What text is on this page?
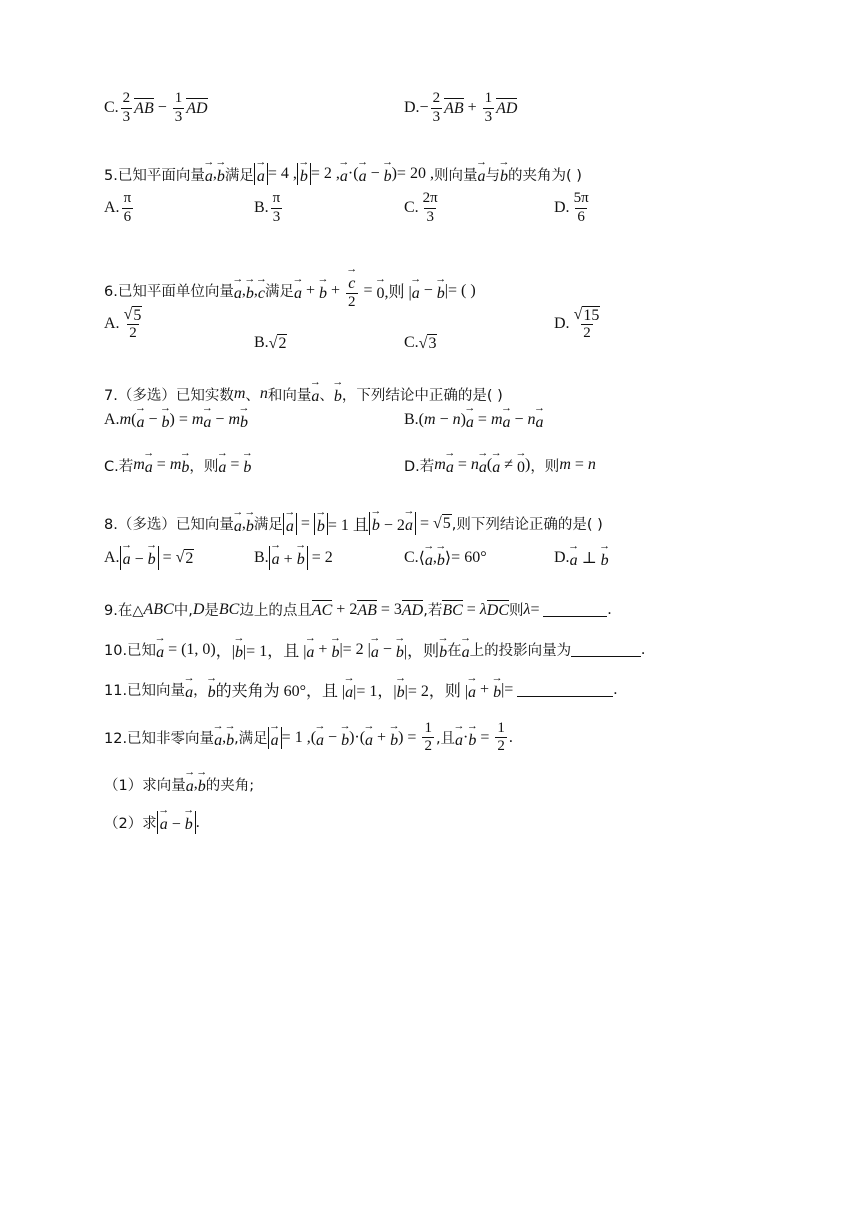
C. $\frac{2}{3}$ AB − $\frac{1}{3}$ AD	$D.- \frac{2}{3}$ AB + $\frac{1}{3}$ AD
5.已知平面向量 → a , → b 满足 → a = 4 , → b = 2 , → a · ( → a − → b ) = 20 , 则向量 → a 与 → b 的夹角为( )
A. $\frac{\pi}{6}$	B. $\frac{\pi}{3}$	C. $\frac{2\pi}{3}$	D. $\frac{5\pi}{6}$
6.已知平面单位向量 → a , → b , → c 满足 → a + → b + → $\frac{c}{2}$ = → 0 ,则 | → a − → b |= ( )
A. $\frac{√ 5}{2}$
B. √ 2	C. √ 3
D. $\frac{√ 15}{2}$
7.（多选）已知实数 m 、 n 和向量 → a 、 → b ，下列结论中正确的是( )
A. m ( → a − → b ) = m → a − m → b	B. ( m − n ) → a = m → a − n → a
C.若 m → a = m → b ，则 → a = → b	D.若 m → a = n → a ( → a ≠ → 0 ) ，则 m = n
8.（多选）已知向量 → a , → b 满足 → a = → b = 1 且 → b − 2→ a = √ 5 ,则下列结论正确的是( )
A. → a − → b = √ 2	B. → a + → b = 2	C. ⟨ → a , → b ⟩ = 60°	D. → a ⊥ → b
9.在△ ABC 中, D 是 BC 边上的点且 AC + 2 AB = 3 AD ,若 BC = λ DC 则 λ =	.
10.已知 → a = (1, 0) ，| → b |= 1，且 | → a + → b |= 2 | → a − → b |，则 → b 在 → a 上的投影向量为	.
11.已知向量 → a ， → b 的夹角为 60°，且 | → a |= 1，| → b |= 2，则 | → a + → b |=	.
12.已知非零向量 → a , → b ,满足 → a = 1 , ( → a − → b )·( → a + → b ) = $\frac{1}{2}$ ,且 → a · → $b = \frac{1}{2}$ .
（1）求向量 → a , → b 的夹角;
（2）求 → a − → b .
